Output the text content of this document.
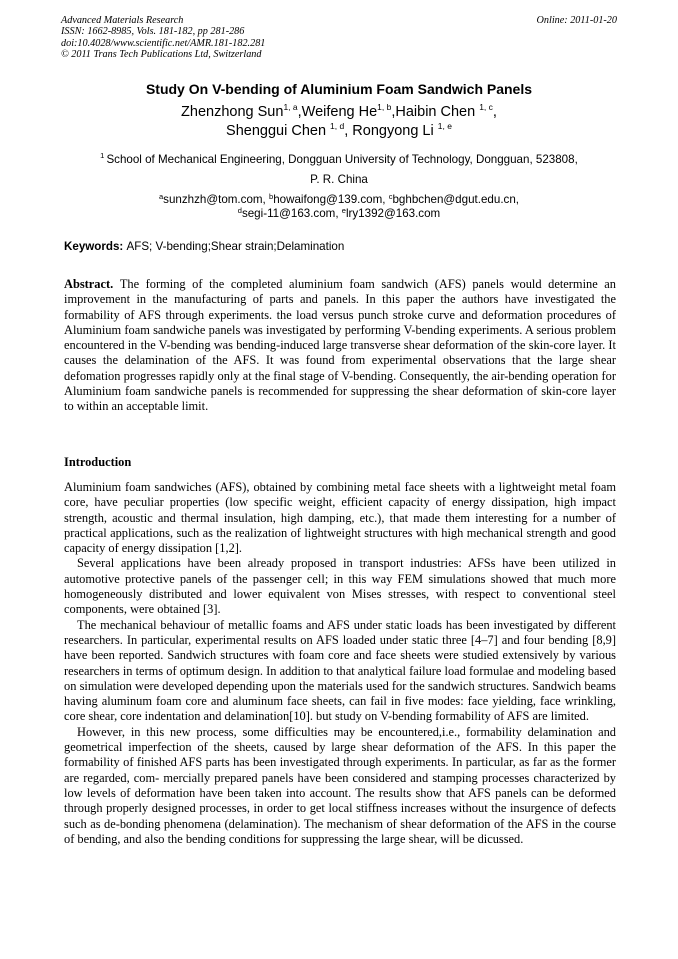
Advanced Materials Research
ISSN: 1662-8985, Vols. 181-182, pp 281-286
doi:10.4028/www.scientific.net/AMR.181-182.281
© 2011 Trans Tech Publications Ltd, Switzerland
Online: 2011-01-20
Study On V-bending of Aluminium Foam Sandwich Panels
Zhenzhong Sun$^{1, a}$,Weifeng He$^{1, b}$,Haibin Chen $^{1, c}$,
Shenggui Chen $^{1, d}$, Rongyong Li $^{1, e}$
$^1$ School of Mechanical Engineering, Dongguan University of Technology, Dongguan, 523808,
P. R. China
$^a$sunzhzh@tom.com, $^b$howaifong@139.com, $^c$bghbchen@dgut.edu.cn,
$^d$segi-11@163.com, $^e$lry1392@163.com
Keywords: AFS; V-bending;Shear strain;Delamination

Abstract. The forming of the completed aluminium foam sandwich (AFS) panels would determine an improvement in the manufacturing of parts and panels. In this paper the authors have investigated the formability of AFS through experiments. the load versus punch stroke curve and deformation procedures of Aluminium foam sandwiche panels was investigated by performing V-bending experiments. A serious problem encountered in the V-bending was bending-induced large transverse shear deformation of the skin-core layer. It causes the delamination of the AFS. It was found from experimental observations that the large shear defomation progresses rapidly only at the final stage of V-bending. Consequently, the air-bending operation for Aluminium foam sandwiche panels is recommended for suppressing the shear deformation of skin-core layer to within an acceptable limit.

Introduction

Aluminium foam sandwiches (AFS), obtained by combining metal face sheets with a lightweight metal foam core, have peculiar properties (low specific weight, efficient capacity of energy dissipation, high impact strength, acoustic and thermal insulation, high damping, etc.), that made them interesting for a number of practical applications, such as the realization of lightweight structures with high mechanical strength and good capacity of energy dissipation [1,2].

Several applications have been already proposed in transport industries: AFSs have been utilized in automotive protective panels of the passenger cell; in this way FEM simulations showed that much more homogeneously distributed and lower equivalent von Mises stresses, with respect to conventional steel components, were obtained [3].

The mechanical behaviour of metallic foams and AFS under static loads has been investigated by different researchers. In particular, experimental results on AFS loaded under static three [4–7] and four bending [8,9] have been reported. Sandwich structures with foam core and face sheets were studied extensively by various researchers in terms of optimum design. In addition to that analytical failure load formulae and modeling based on simulation were developed depending upon the materials used for the sandwich structures. Sandwich beams having aluminum foam core and aluminum face sheets, can fail in five modes: face yielding, face wrinkling, core shear, core indentation and delamination[10]. but study on V-bending formability of AFS are limited.

However, in this new process, some difficulties may be encountered,i.e., formability delamination and geometrical imperfection of the sheets, caused by large shear deformation of the AFS. In this paper the formability of finished AFS parts has been investigated through experiments. In particular, as far as the former are regarded, com- mercially prepared panels have been considered and stamping processes characterized by low levels of deformation have been taken into account. The results show that AFS panels can be deformed through properly designed processes, in order to get local stiffness increases without the insurgence of defects such as de-bonding phenomena (delamination). The mechanism of shear deformation of the AFS in the course of bending, and also the bending conditions for suppressing the large shear, will be dicussed.
